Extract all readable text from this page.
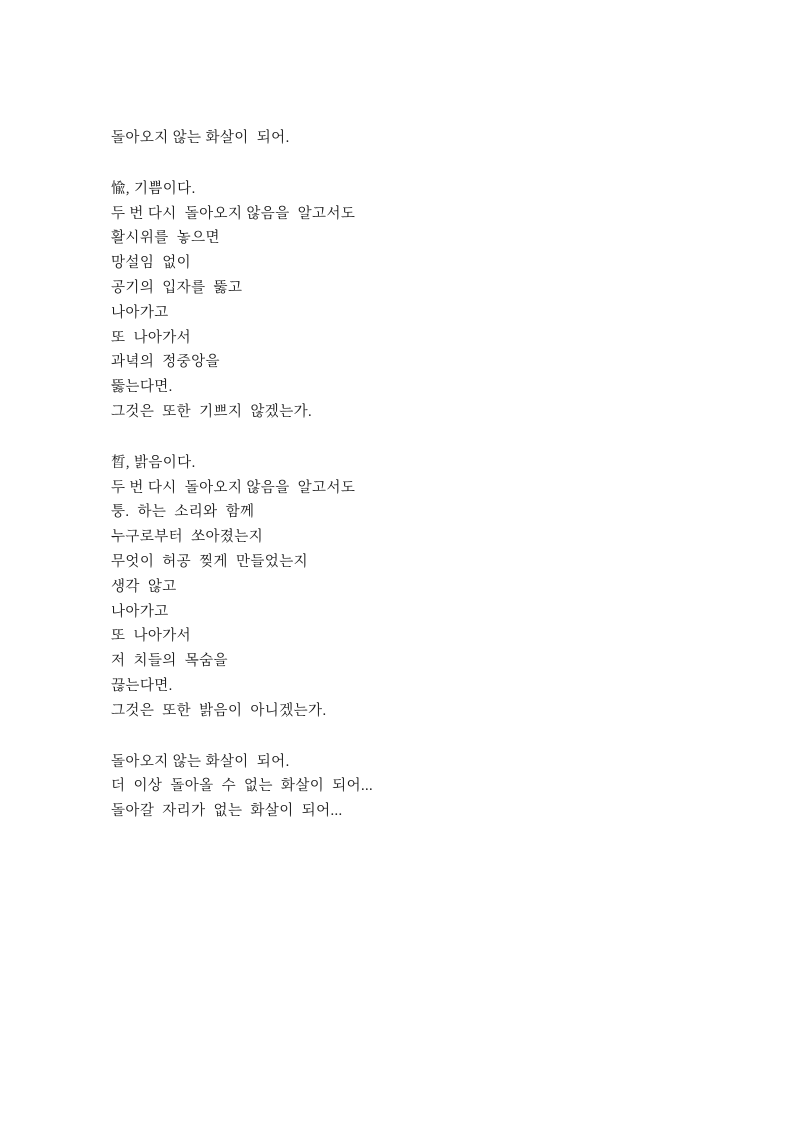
돌아오지 않는 화살이  되어.
愉, 기쁨이다.
두 번 다시  돌아오지 않음을  알고서도
활시위를  놓으면
망설임  없이
공기의  입자를  뚫고
나아가고
또  나아가서
과녁의  정중앙을
뚫는다면.
그것은  또한  기쁘지  않겠는가.
晳, 밝음이다.
두 번 다시  돌아오지 않음을  알고서도
퉁.  하는  소리와  함께
누구로부터  쏘아졌는지
무엇이  허공  찢게  만들었는지
생각  않고
나아가고
또  나아가서
저  치들의  목숨을
끊는다면.
그것은  또한  밝음이  아니겠는가.
돌아오지 않는 화살이  되어.
더  이상  돌아올  수  없는  화살이  되어...
돌아갈  자리가  없는  화살이  되어...
